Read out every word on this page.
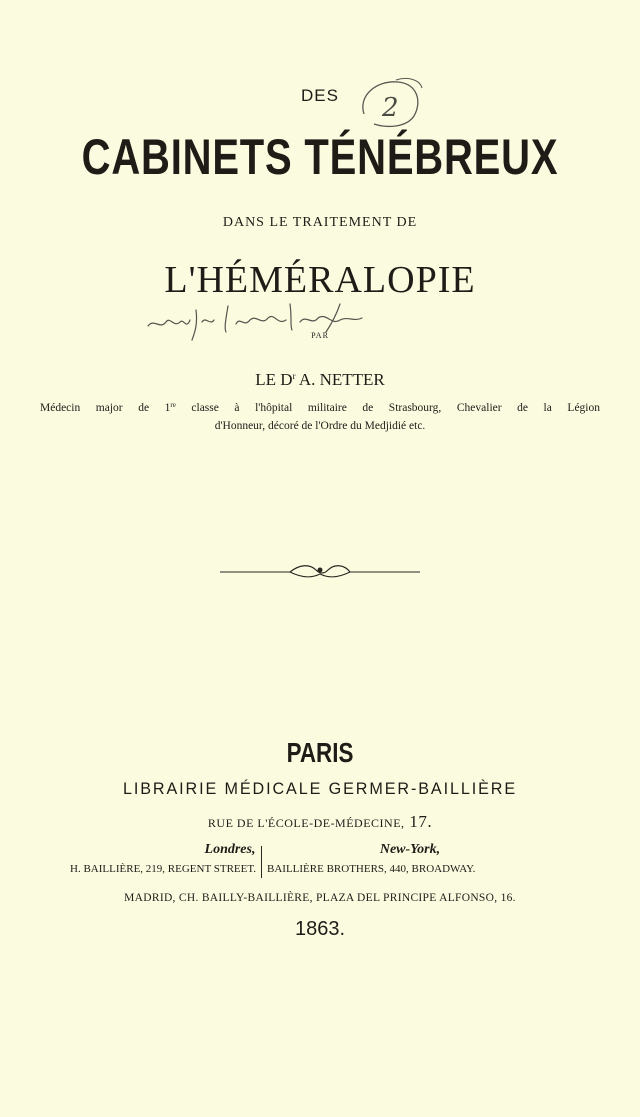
DES	2
CABINETS TÉNÉBREUX
DANS LE TRAITEMENT DE
L'HÉMÉRALOPIE
PAR
LE $D^r$ A. NETTER
Médecin major de 1re classe à l'hôpital militaire de Strasbourg, Chevalier de la Légion
d'Honneur, décoré de l'Ordre du Medjidié etc.
PARIS
LIBRAIRIE MÉDICALE GERMER-BAILLIÈRE
RUE DE L'ÉCOLE-DE-MÉDECINE, 17.
Londres,	New-York,
H. BAILLIÈRE, 219, REGENT STREET. BAILLIÈRE BROTHERS, 440, BROADWAY.
MADRID, CH. BAILLY-BAILLIÈRE, PLAZA DEL PRINCIPE ALFONSO, 16.
1863.
